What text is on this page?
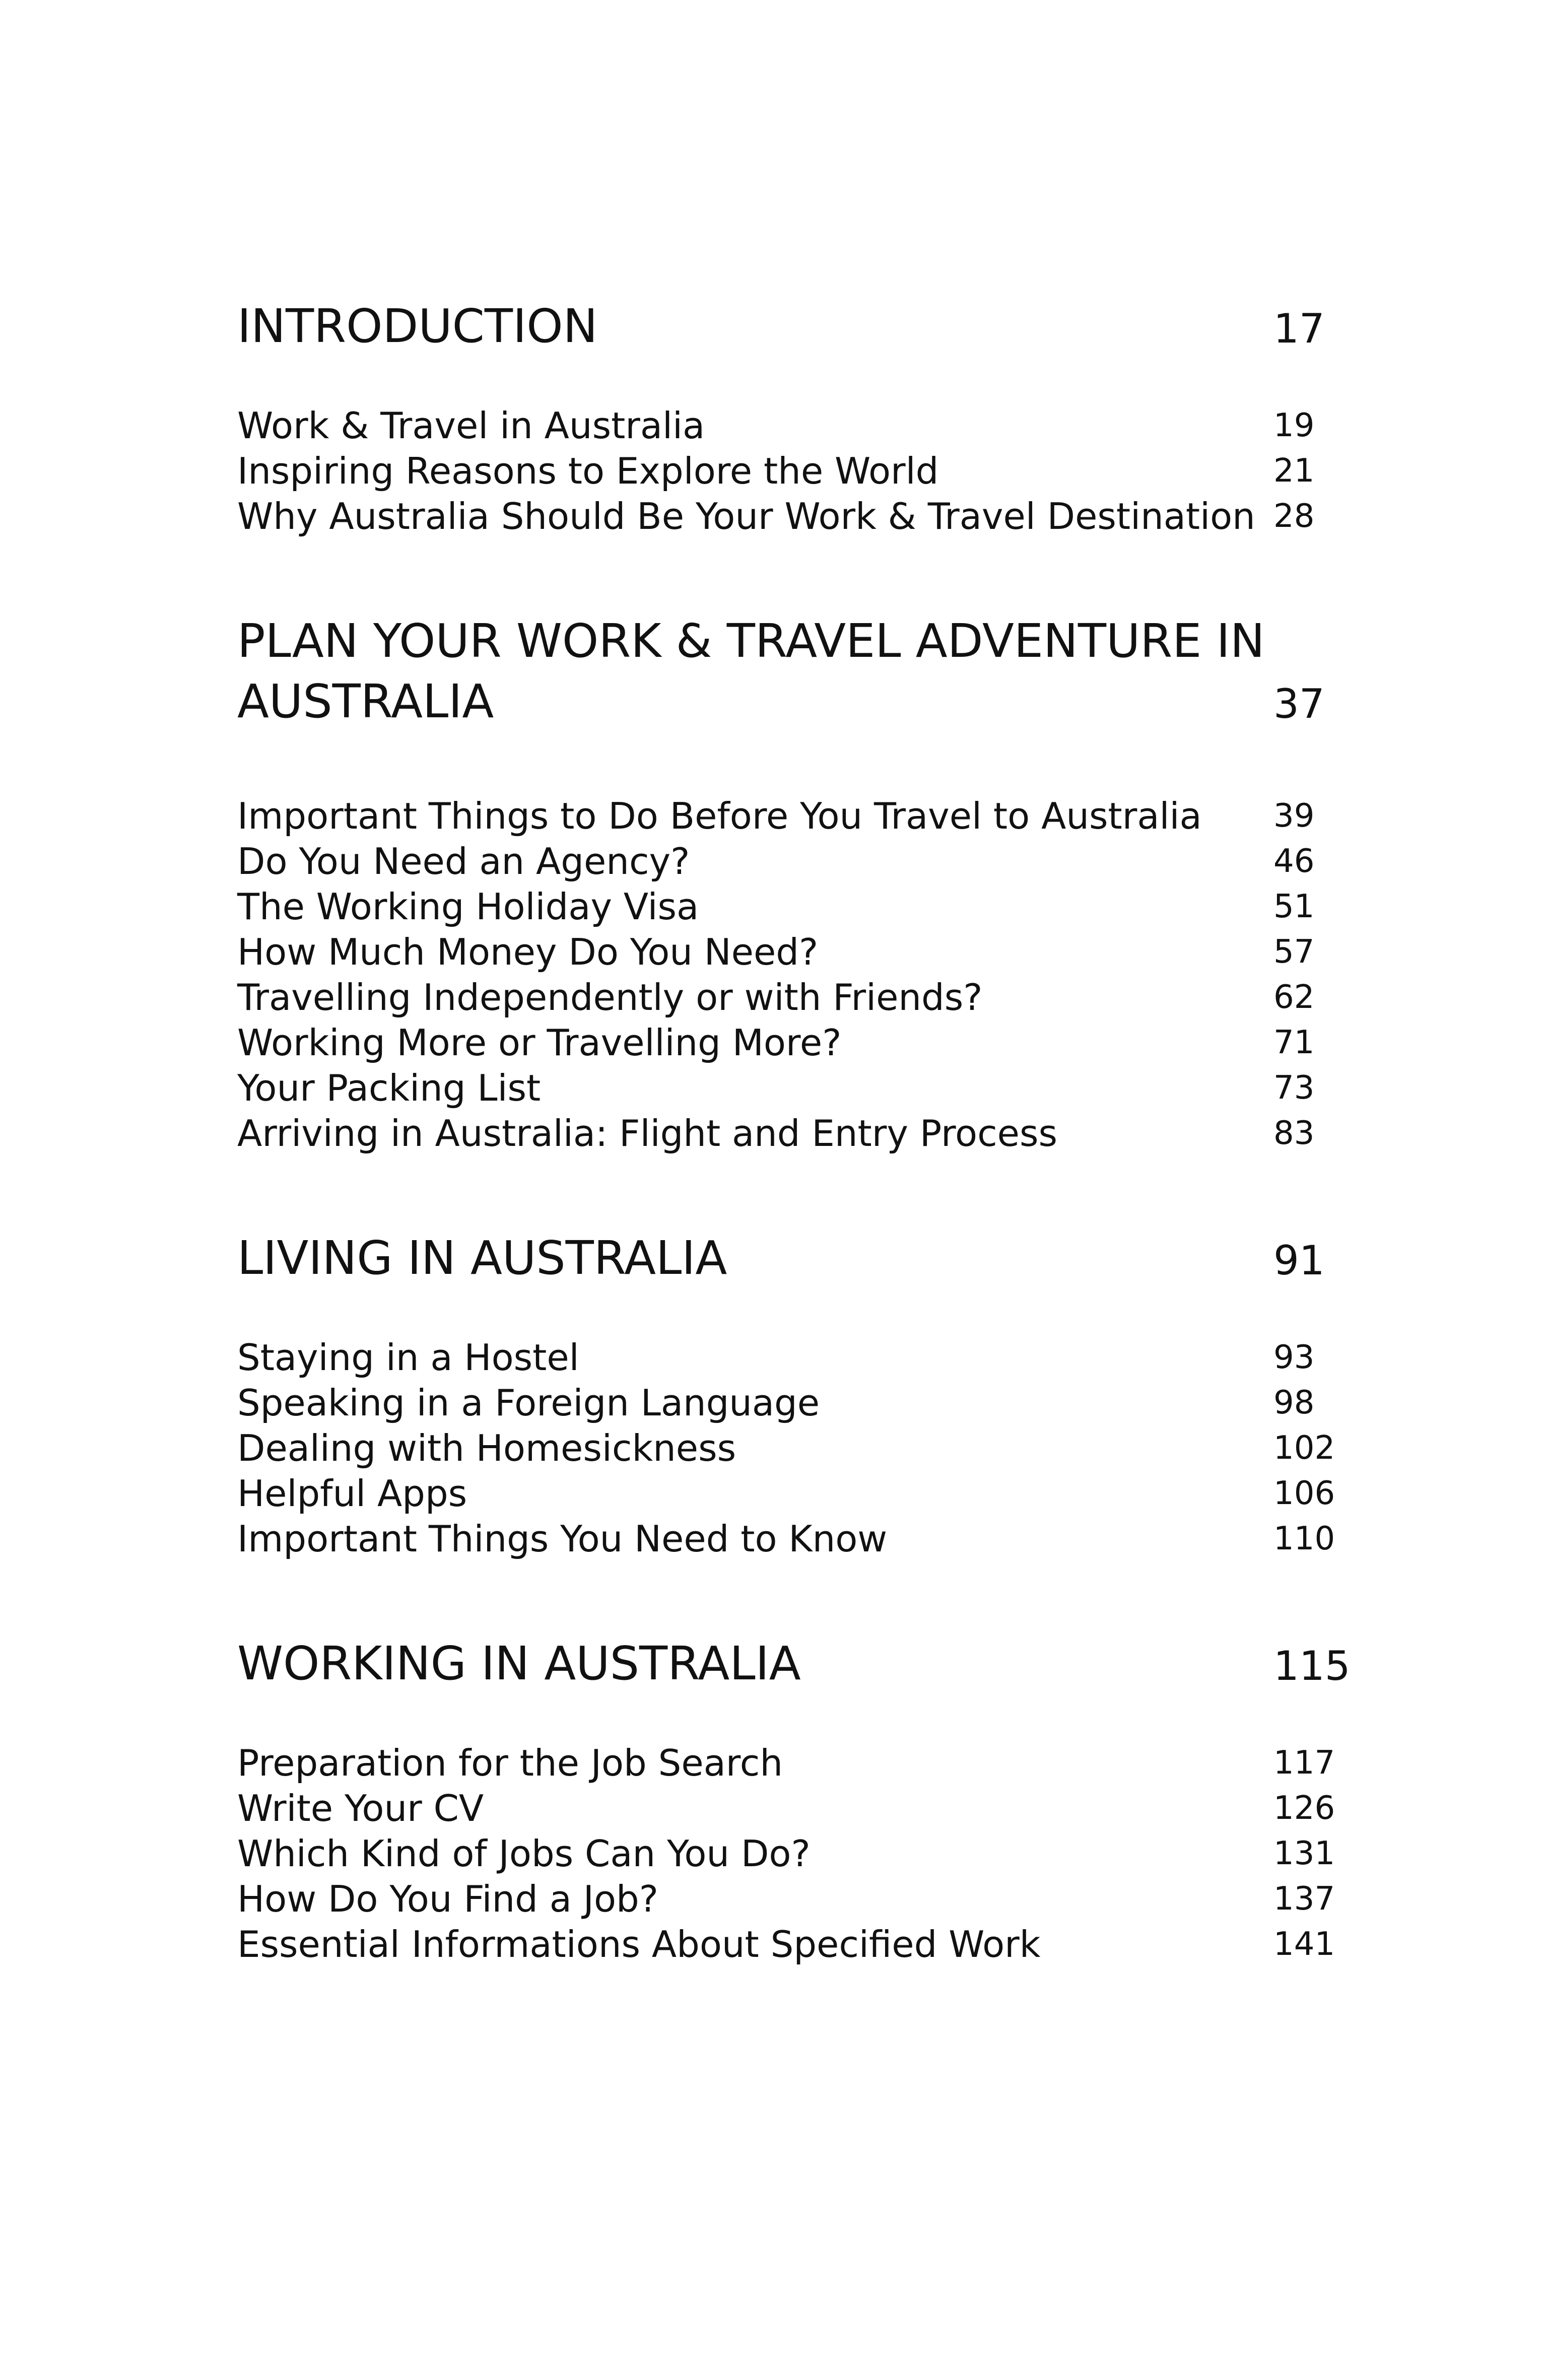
INTRODUCTION	17
Work & Travel in Australia	19
Inspiring Reasons to Explore the World	21
Why Australia Should Be Your Work & Travel Destination 28
PLAN YOUR WORK & TRAVEL ADVENTURE IN
AUSTRALIA	37
Important Things to Do Before You Travel to Australia 39
Do You Need an Agency?	46
The Working Holiday Visa	51
How Much Money Do You Need?	57
Travelling Independently or with Friends?	62
Working More or Travelling More?	71
Your Packing List	73
Arriving in Australia: Flight and Entry Process	83
LIVING IN AUSTRALIA	91
Staying in a Hostel	93
Speaking in a Foreign Language	98
Dealing with Homesickness	102
Helpful Apps	106
Important Things You Need to Know	110
WORKING IN AUSTRALIA	115
Preparation for the Job Search	117
Write Your CV	126
Which Kind of Jobs Can You Do?	131
How Do You Find a Job?	137
Essential Informations About Specified Work	141
